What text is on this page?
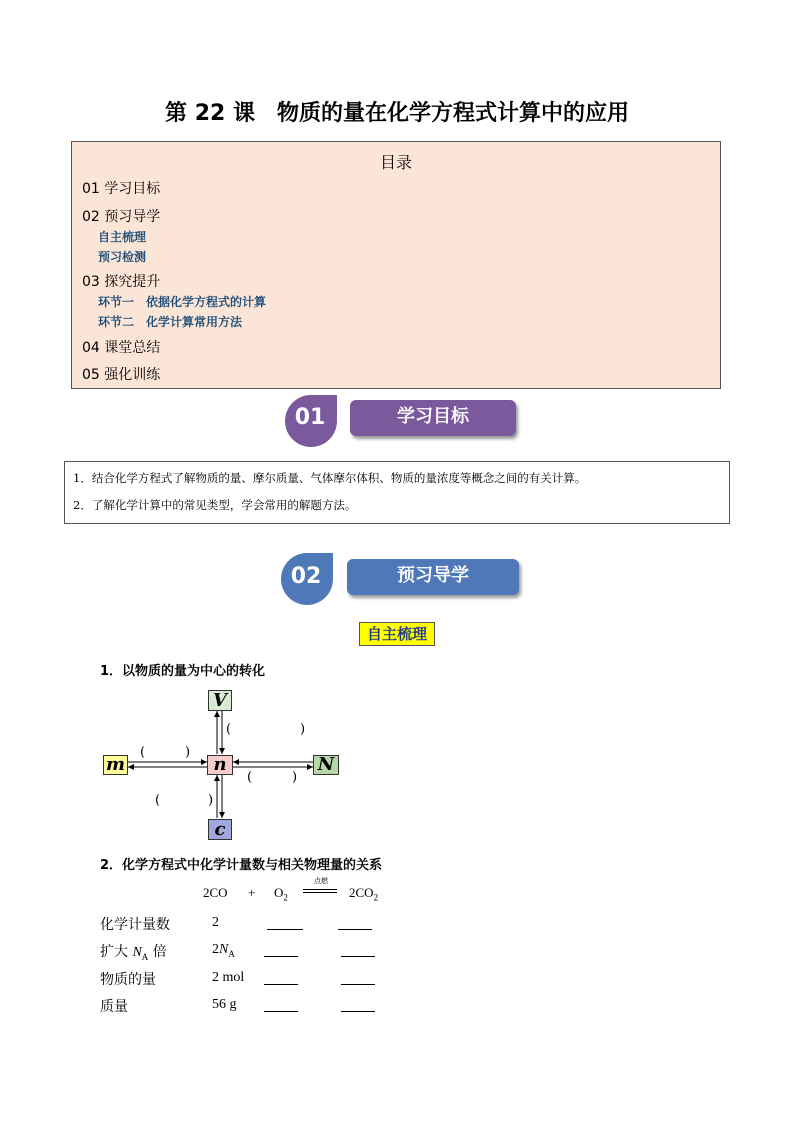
第 22 课　物质的量在化学方程式计算中的应用
目录
01 学习目标
02 预习导学
自主梳理
预习检测
03 探究提升
环节一　依据化学方程式的计算
环节二　化学计算常用方法
04 课堂总结
05 强化训练
01	学习目标
1．结合化学方程式了解物质的量、摩尔质量、气体摩尔体积、物质的量浓度等概念之间的有关计算。
2．了解化学计算中的常见类型，学会常用的解题方法。
02	预习导学
自主梳理
1．以物质的量为中心的转化
V
m	n	N
c
(	)
(	)
(	)
(	)
2．化学方程式中化学计量数与相关物理量的关系
$2CO + O_2$
点燃
$2CO_2$
化学计量数	2
扩大 $N_A$ 倍	$2N_A$
物质的量	2 mol
质量	56 g
